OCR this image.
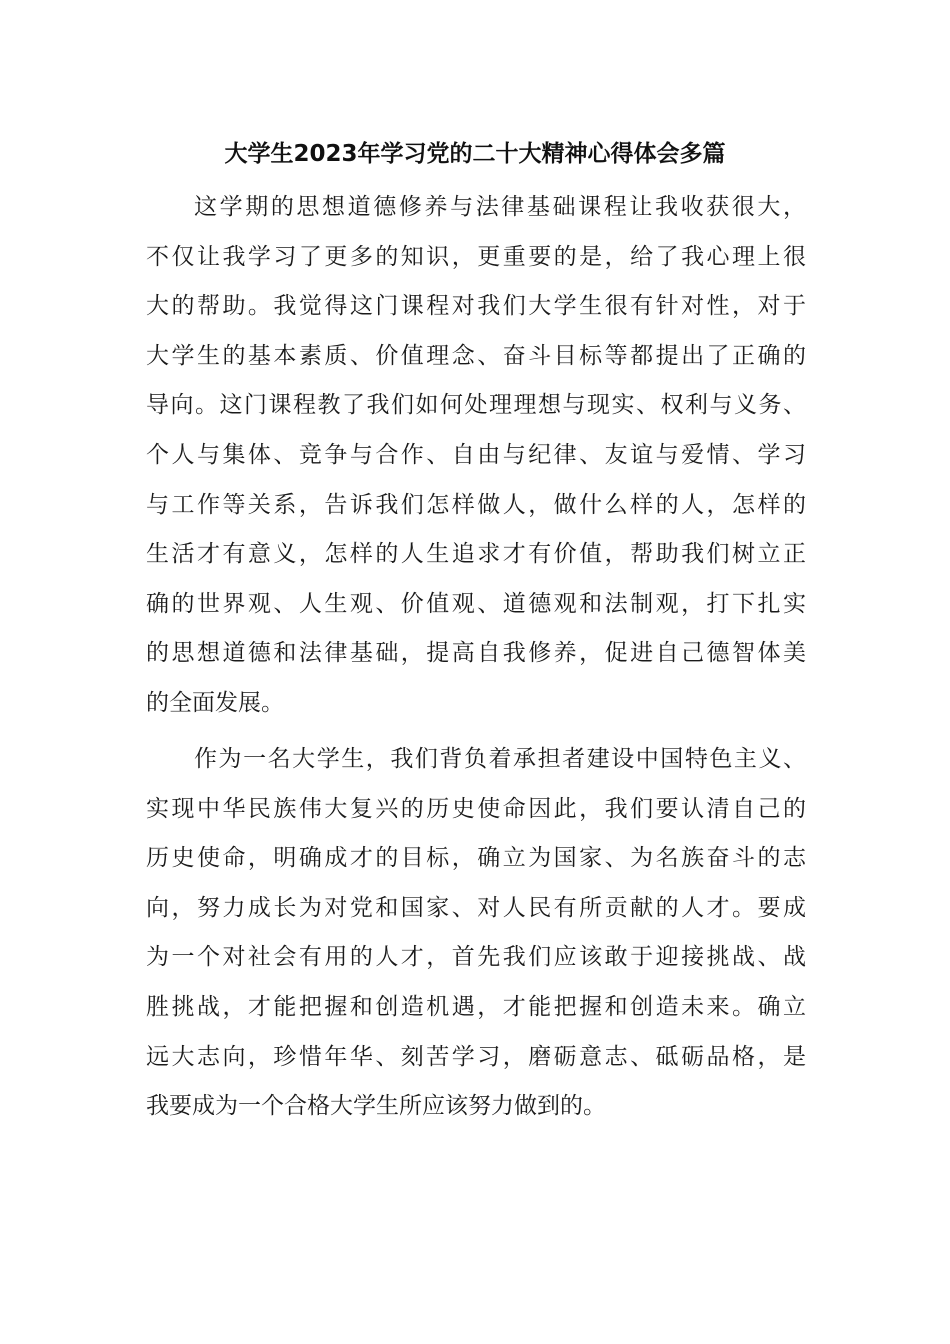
大学生2023年学习党的二十大精神心得体会多篇
这学期的思想道德修养与法律基础课程让我收获很大，
不仅让我学习了更多的知识，更重要的是，给了我心理上很
大的帮助。我觉得这门课程对我们大学生很有针对性，对于
大学生的基本素质、价值理念、奋斗目标等都提出了正确的
导向。这门课程教了我们如何处理理想与现实、权利与义务、
个人与集体、竞争与合作、自由与纪律、友谊与爱情、学习
与工作等关系，告诉我们怎样做人，做什么样的人，怎样的
生活才有意义，怎样的人生追求才有价值，帮助我们树立正
确的世界观、人生观、价值观、道德观和法制观，打下扎实
的思想道德和法律基础，提高自我修养，促进自己德智体美
的全面发展。
作为一名大学生，我们背负着承担者建设中国特色主义、
实现中华民族伟大复兴的历史使命因此，我们要认清自己的
历史使命，明确成才的目标，确立为国家、为名族奋斗的志
向，努力成长为对党和国家、对人民有所贡献的人才。要成
为一个对社会有用的人才，首先我们应该敢于迎接挑战、战
胜挑战，才能把握和创造机遇，才能把握和创造未来。确立
远大志向，珍惜年华、刻苦学习，磨砺意志、砥砺品格，是
我要成为一个合格大学生所应该努力做到的。
